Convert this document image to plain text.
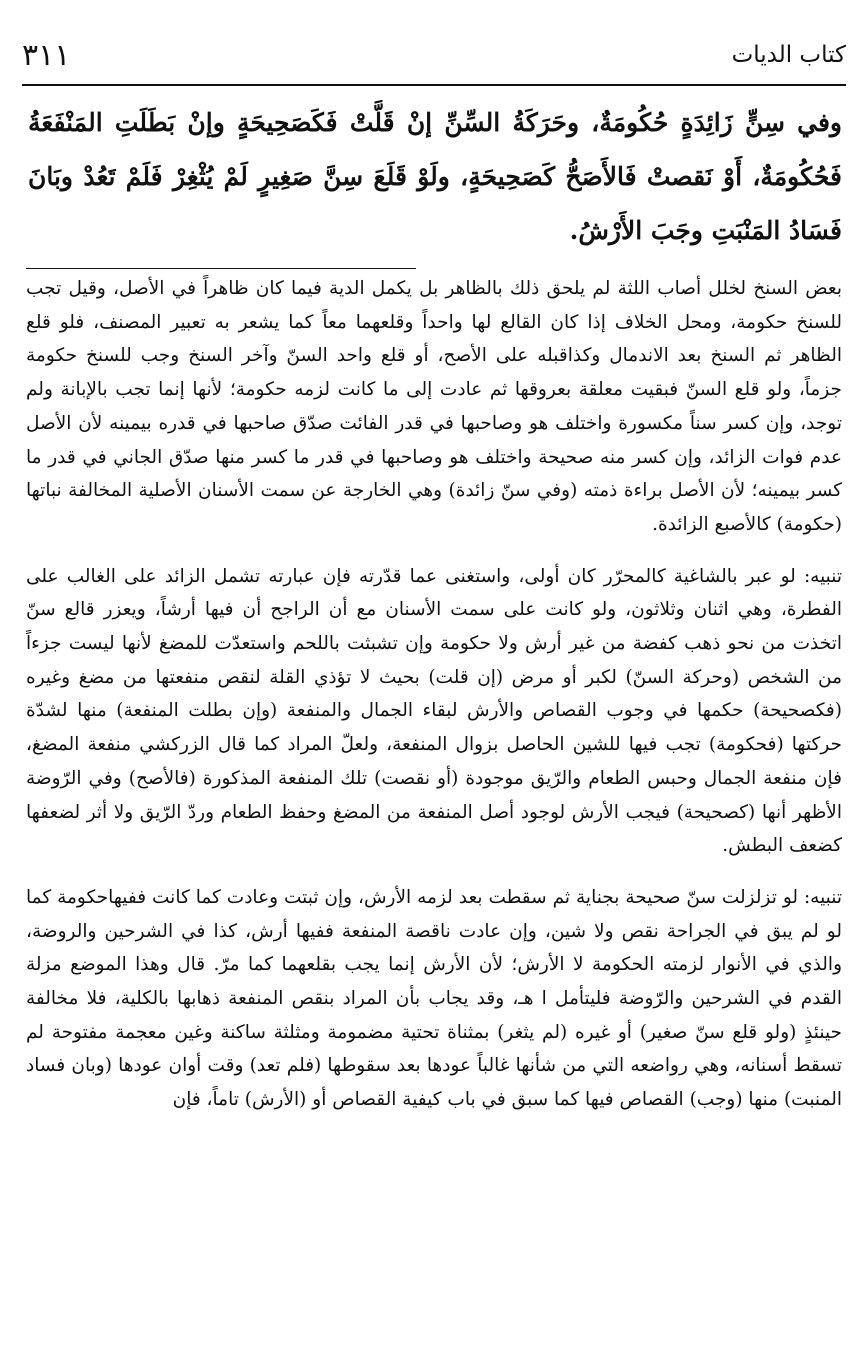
كتاب الديات
٣١١
وفي سِنٍّ زَائِدَةٍ حُكُومَةٌ، وحَرَكَةُ السِّنِّ إنْ قَلَّتْ فَكَصَحِيحَةٍ وإنْ بَطَلَتِ المَنْفَعَةُ فَحُكُومَةٌ، أَوْ نَقصتْ فَالأَصَحُّ كَصَحِيحَةٍ، ولَوْ قَلَعَ سِنَّ صَغِيرٍ لَمْ يُثْغِرْ فَلَمْ تَعُدْ وبَانَ فَسَادُ المَنْبَتِ وجَبَ الأَرْشُ.

بعض السنخ لخلل أصاب اللثة لم يلحق ذلك بالظاهر بل يكمل الدية فيما كان ظاهراً في الأصل، وقيل تجب للسنخ حكومة، ومحل الخلاف إذا كان القالع لها واحداً وقلعهما معاً كما يشعر به تعبير المصنف، فلو قلع الظاهر ثم السنخ بعد الاندمال وكذاقبله على الأصح، أو قلع واحد السنّ وآخر السنخ وجب للسنخ حكومة جزماً، ولو قلع السنّ فبقيت معلقة بعروقها ثم عادت إلى ما كانت لزمه حكومة؛ لأنها إنما تجب بالإبانة ولم توجد، وإن كسر سناً مكسورة واختلف هو وصاحبها في قدر الفائت صدّق صاحبها في قدره بيمينه لأن الأصل عدم فوات الزائد، وإن كسر منه صحيحة واختلف هو وصاحبها في قدر ما كسر منها صدّق الجاني في قدر ما كسر بيمينه؛ لأن الأصل براءة ذمته (وفي سنّ زائدة) وهي الخارجة عن سمت الأسنان الأصلية المخالفة نباتها (حكومة) كالأصبع الزائدة.

تنبيه: لو عبر بالشاغية كالمحرّر كان أولى، واستغنى عما قدّرته فإن عبارته تشمل الزائد على الغالب على الفطرة، وهي اثنان وثلاثون، ولو كانت على سمت الأسنان مع أن الراجح أن فيها أرشاً، ويعزر قالع سنّ اتخذت من نحو ذهب كفضة من غير أرش ولا حكومة وإن تشبثت باللحم واستعدّت للمضغ لأنها ليست جزءاً من الشخص (وحركة السنّ) لكبر أو مرض (إن قلت) بحيث لا تؤذي القلة لنقص منفعتها من مضغ وغيره (فكصحيحة) حكمها في وجوب القصاص والأرش لبقاء الجمال والمنفعة (وإن بطلت المنفعة) منها لشدّة حركتها (فحكومة) تجب فيها للشين الحاصل بزوال المنفعة، ولعلّ المراد كما قال الزركشي منفعة المضغ، فإن منفعة الجمال وحبس الطعام والرّيق موجودة (أو نقصت) تلك المنفعة المذكورة (فالأصح) وفي الرّوضة الأظهر أنها (كصحيحة) فيجب الأرش لوجود أصل المنفعة من المضغ وحفظ الطعام وردّ الرّيق ولا أثر لضعفها كضعف البطش.

تنبيه: لو تزلزلت سنّ صحيحة بجناية ثم سقطت بعد لزمه الأرش، وإن ثبتت وعادت كما كانت ففيهاحكومة كما لو لم يبق في الجراحة نقص ولا شين، وإن عادت ناقصة المنفعة ففيها أرش، كذا في الشرحين والروضة، والذي في الأنوار لزمته الحكومة لا الأرش؛ لأن الأرش إنما يجب بقلعهما كما مرّ. قال وهذا الموضع مزلة القدم في الشرحين والرّوضة فليتأمل ا هـ، وقد يجاب بأن المراد بنقص المنفعة ذهابها بالكلية، فلا مخالفة حينئذٍ (ولو قلع سنّ صغير) أو غيره (لم يثغر) بمثناة تحتية مضمومة ومثلثة ساكنة وغين معجمة مفتوحة لم تسقط أسنانه، وهي رواضعه التي من شأنها غالباً عودها بعد سقوطها (فلم تعد) وقت أوان عودها (وبان فساد المنبت) منها (وجب) القصاص فيها كما سبق في باب كيفية القصاص أو (الأرش) تاماً، فإن
